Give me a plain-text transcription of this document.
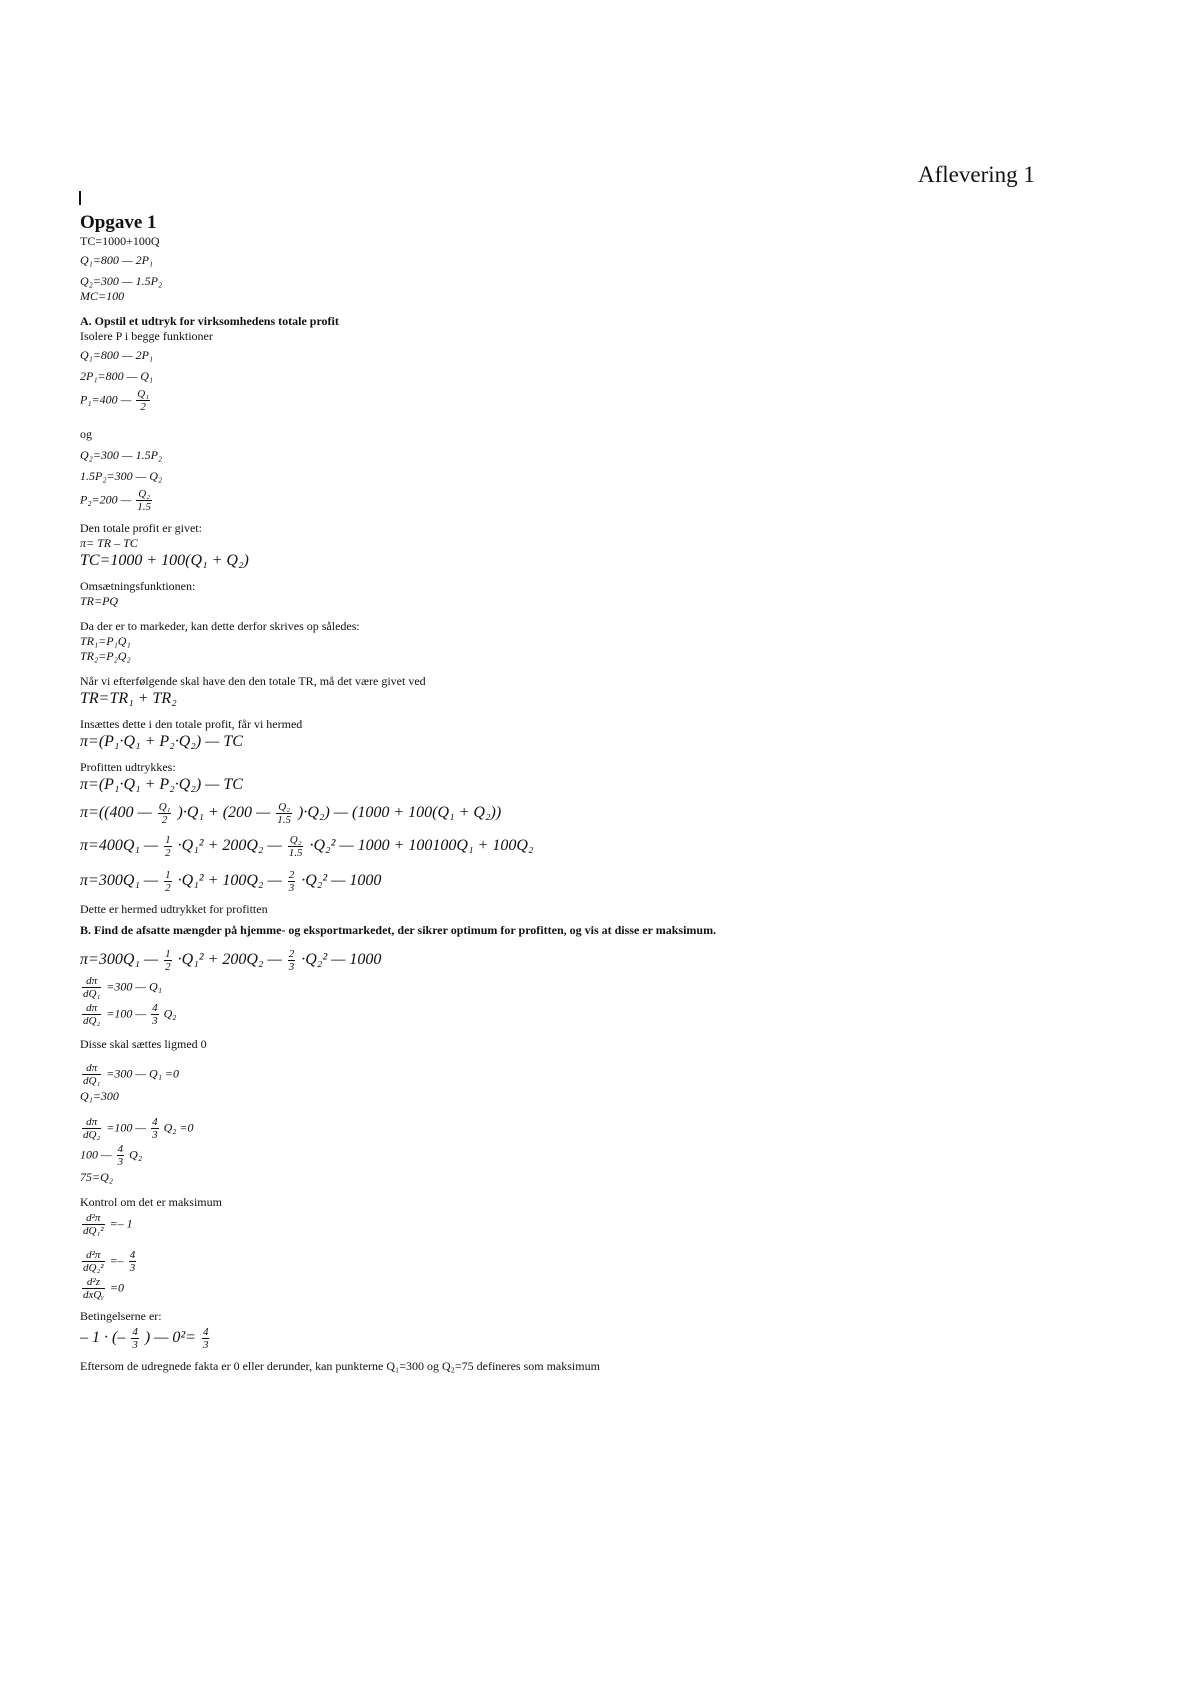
Aflevering 1

Opgave 1

TC=1000+100Q

Q₁=800 — 2P₁

Q₂=300 — 1.5P₂

MC=100

A. Opstil et udtryk for virksomhedens totale profit

Isolere P i begge funktioner

Q₁=800 — 2P₁

2P₁=800 — Q₁

P₁=400 — $\frac{\text{Q₁}}{2}$

og

Q₂=300 — 1.5P₂

1.5P₂=300 — Q₂

P₂=200 — $\frac{\text{Q₂}}{1.5}$

Den totale profit er givet:

π= TR – TC

TC=1000 + 100(Q₁ + Q₂)

Omsætningsfunktionen:

TR=PQ

Da der er to markeder, kan dette derfor skrives op således:

TR₁=P₁Q₁

TR₂=P₂Q₂

Når vi efterfølgende skal have den den totale TR, må det være givet ved

TR=TR₁ + TR₂

Insættes dette i den totale profit, får vi hermed

π=(P₁·Q₁ + P₂·Q₂) — TC

Profitten udtrykkes:

π=(P₁·Q₁ + P₂·Q₂) — TC

π=((400 — $\frac{\text{Q₁}}{2} )\cdot Q_1 + (200$ — $\frac{\text{Q₂}}{1.5} )\cdot Q_2$) — (1000 + 100(Q₁ + Q₂))

π=400Q₁ — $\frac{1}{2} \cdot Q_1^2 + 200Q_2$ — $\frac{\text{Q₂}}{1.5} \cdot Q_2^2$ — 1000 + 100100Q₁ + 100Q₂

π=300Q₁ — $\frac{1}{2} \cdot Q_1^2 + 100Q_2$ — $\frac{2}{3} \cdot Q_2^2$ — 1000

Dette er hermed udtrykket for profitten

B. Find de afsatte mængder på hjemme- og eksportmarkedet, der sikrer optimum for profitten, og vis at disse er maksimum.

π=300Q₁ — $\frac{1}{2} \cdot Q_1^2 + 200Q_2$ — $\frac{2}{3} \cdot Q_2^2$ — 1000

$\frac{d\pi}{\text{dQ₁}} =300$ — Q₁

$\frac{d\pi}{\text{dQ₂}} =100$ — $\frac{4}{3} Q_2$

Disse skal sættes ligmed 0

$\frac{d\pi}{\text{dQ₁}} =300$ — Q₁ =0

Q₁=300

$\frac{d\pi}{\text{dQ₂}} =100$ — $\frac{4}{3} Q_2 =0$

100 — $\frac{4}{3} Q_2$

75=Q₂

Kontrol om det er maksimum

$\frac{\text{d²π}}{\text{dQ₁²}} =- 1$

$\frac{\text{d²π}}{\text{dQ₂²}} =- \frac{4}{3}$

$\frac{\text{d²z}}{\text{dxQᵧ}} =0$

Betingelserne er:

– 1 · (– $\frac{4}{3}$ ) — $0^2= \frac{4}{3}$

Eftersom de udregnede fakta er 0 eller derunder, kan punkterne Q₁=300 og Q₂=75 defineres som maksimum
